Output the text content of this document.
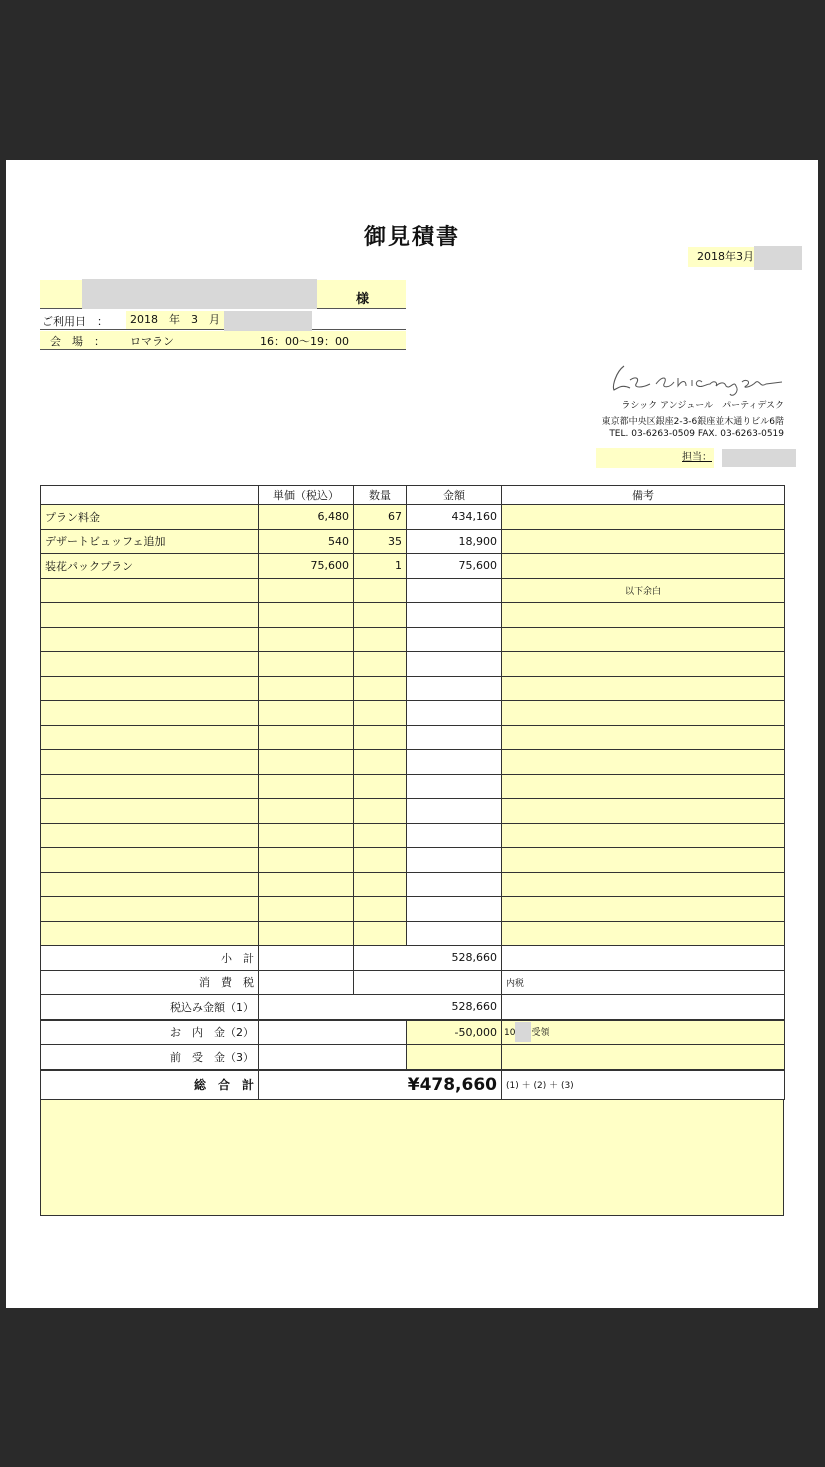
御見積書
2018年3月
様
ご利用日　：	2018　年　3　月
会　場　： ロマラン	16：00〜19：00
ラシック アンジュール　パーティデスク
東京都中央区銀座2-3-6銀座並木通りビル6階
TEL. 03-6263-0509 FAX. 03-6263-0519
担当：
	単価（税込）	数量	金額	備考
プラン料金	6,480	67	434,160	
デザートビュッフェ追加	540	35	18,900	
装花パックプラン	75,600	1	75,600	
				以下余白

小　計		528,660		
消　費　税				内税
税込み金額（1）	528,660			
お　内　金（2）			-50,000	10 受領
前　受　金（3）				
総　合　計	¥478,660			(1) ＋ (2) ＋ (3)
